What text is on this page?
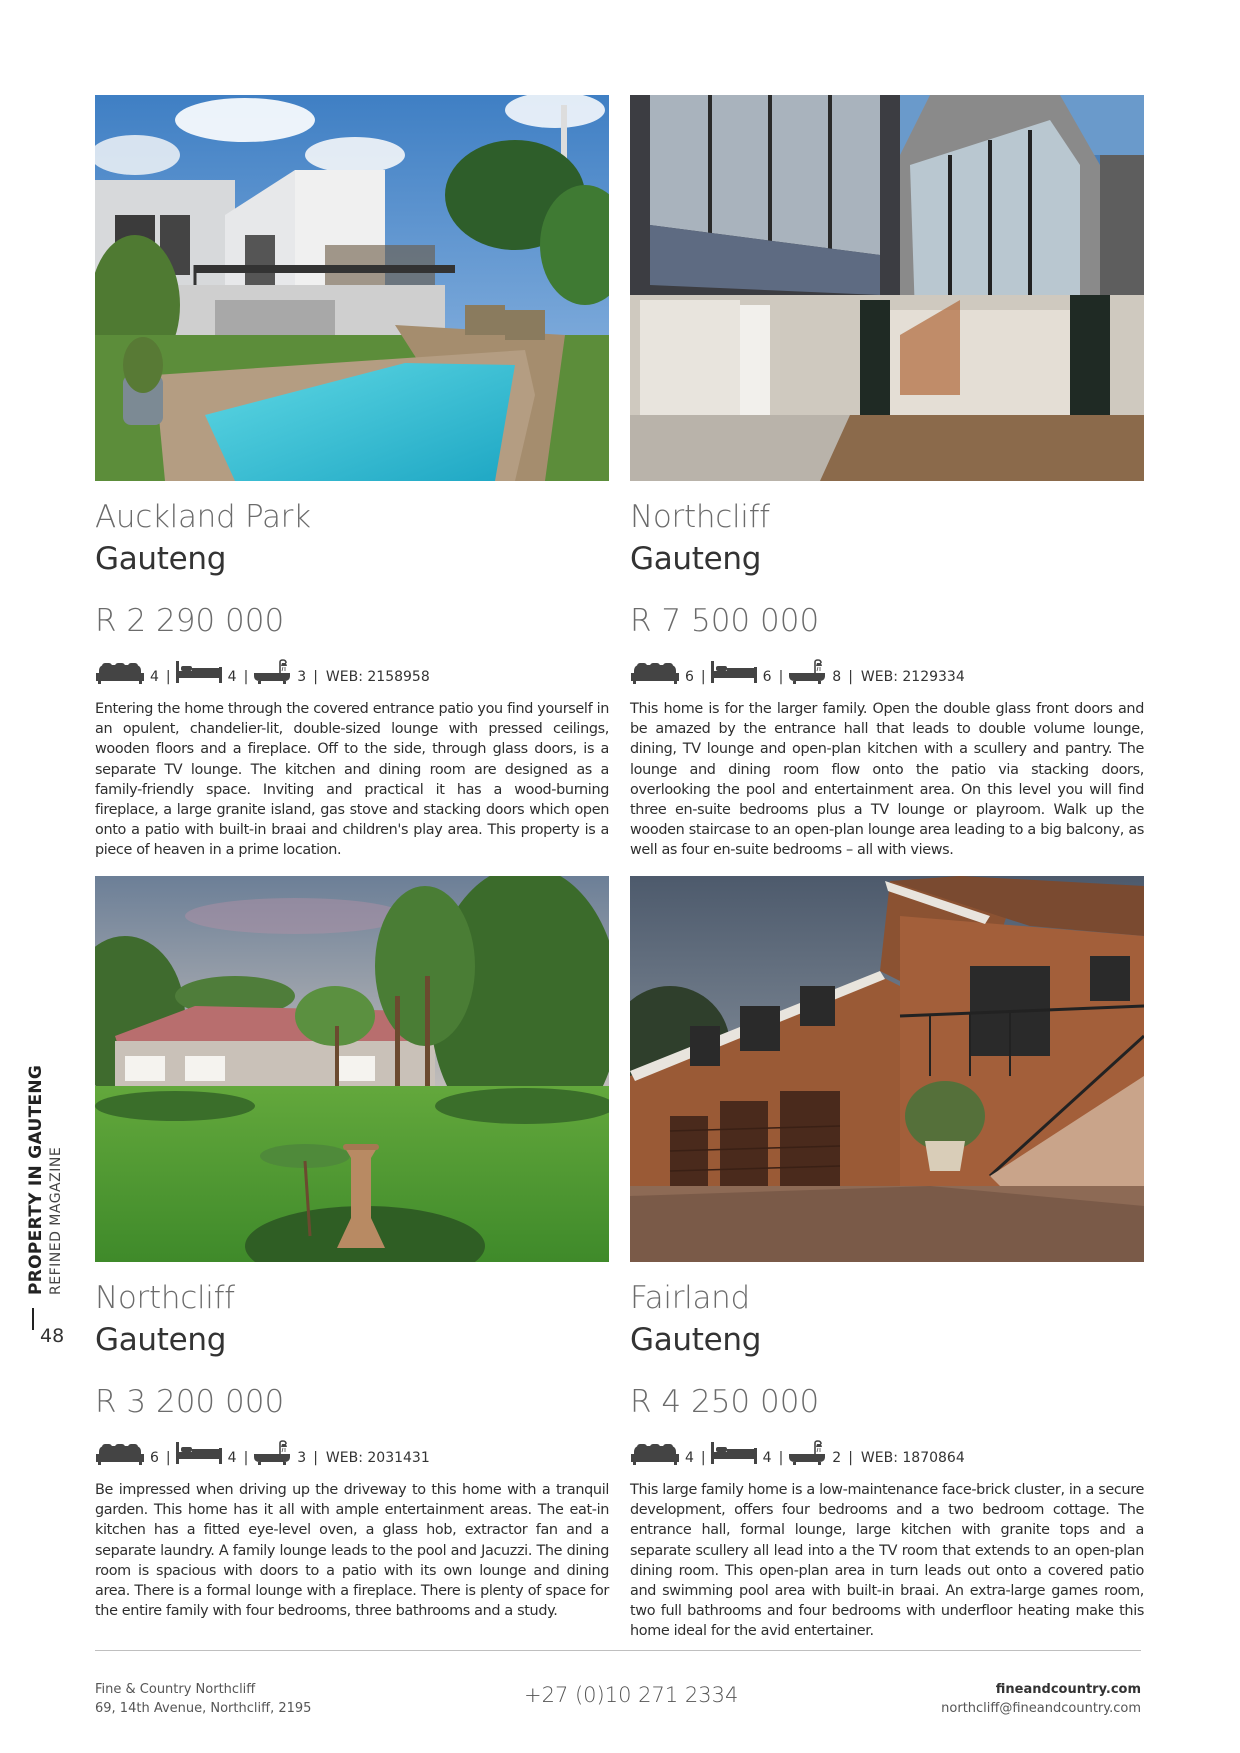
Auckland Park
Gauteng
R 2 290 000
4 |	4 |	3 | WEB: 2158958

Entering the home through the covered entrance patio you find yourself in an opulent, chandelier-lit, double-sized lounge with pressed ceilings, wooden floors and a fireplace. Off to the side, through glass doors, is a separate TV lounge. The kitchen and dining room are designed as a family-friendly space. Inviting and practical it has a wood-burning fireplace, a large granite island, gas stove and stacking doors which open onto a patio with built-in braai and children's play area. This property is a piece of heaven in a prime location.

Northcliff
Gauteng
R 7 500 000
6 |	6 |	8 | WEB: 2129334

This home is for the larger family. Open the double glass front doors and be amazed by the entrance hall that leads to double volume lounge, dining, TV lounge and open-plan kitchen with a scullery and pantry. The lounge and dining room flow onto the patio via stacking doors, overlooking the pool and entertainment area. On this level you will find three en-suite bedrooms plus a TV lounge or playroom. Walk up the wooden staircase to an open-plan lounge area leading to a big balcony, as well as four en-suite bedrooms – all with views.

Northcliff
Gauteng
R 3 200 000
6 |	4 |	3 | WEB: 2031431

Be impressed when driving up the driveway to this home with a tranquil garden. This home has it all with ample entertainment areas. The eat-in kitchen has a fitted eye-level oven, a glass hob, extractor fan and a separate laundry. A family lounge leads to the pool and Jacuzzi. The dining room is spacious with doors to a patio with its own lounge and dining area. There is a formal lounge with a fireplace. There is plenty of space for the entire family with four bedrooms, three bathrooms and a study.

Fairland
Gauteng
R 4 250 000
4 |	4 |	2 | WEB: 1870864

This large family home is a low-maintenance face-brick cluster, in a secure development, offers four bedrooms and a two bedroom cottage. The entrance hall, formal lounge, large kitchen with granite tops and a separate scullery all lead into a the TV room that extends to an open-plan dining room. This open-plan area in turn leads out onto a covered patio and swimming pool area with built-in braai. An extra-large games room, two full bathrooms and four bedrooms with underfloor heating make this home ideal for the avid entertainer.

PROPERTY IN GAUTENG REFINED MAGAZINE
48
Fine & Country Northcliff
69, 14th Avenue, Northcliff, 2195
+27 (0)10 271 2334	fineandcountry.com
northcliff@fineandcountry.com
